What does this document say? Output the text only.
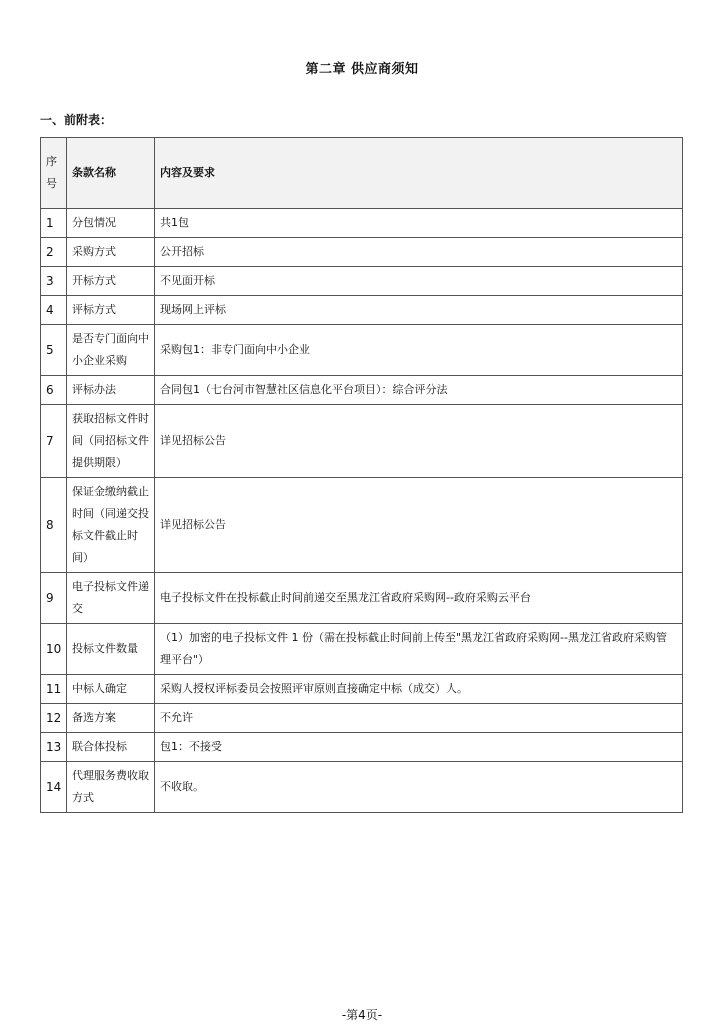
第二章 供应商须知
一、前附表：
序号	条款名称	内容及要求
1	分包情况	共1包
2	采购方式	公开招标
3	开标方式	不见面开标
4	评标方式	现场网上评标
5	是否专门面向中小企业采购	采购包1：非专门面向中小企业
6	评标办法	合同包1（七台河市智慧社区信息化平台项目）：综合评分法
7	获取招标文件时间（同招标文件提供期限）	详见招标公告
8	保证金缴纳截止时间（同递交投标文件截止时间）	详见招标公告
9	电子投标文件递交	电子投标文件在投标截止时间前递交至黑龙江省政府采购网--政府采购云平台
10	投标文件数量	（1）加密的电子投标文件 1 份（需在投标截止时间前上传至"黑龙江省政府采购网--黑龙江省政府采购管理平台"）
11	中标人确定	采购人授权评标委员会按照评审原则直接确定中标（成交）人。
12	备选方案	不允许
13	联合体投标	包1：不接受
14	代理服务费收取方式	不收取。
-第4页-
